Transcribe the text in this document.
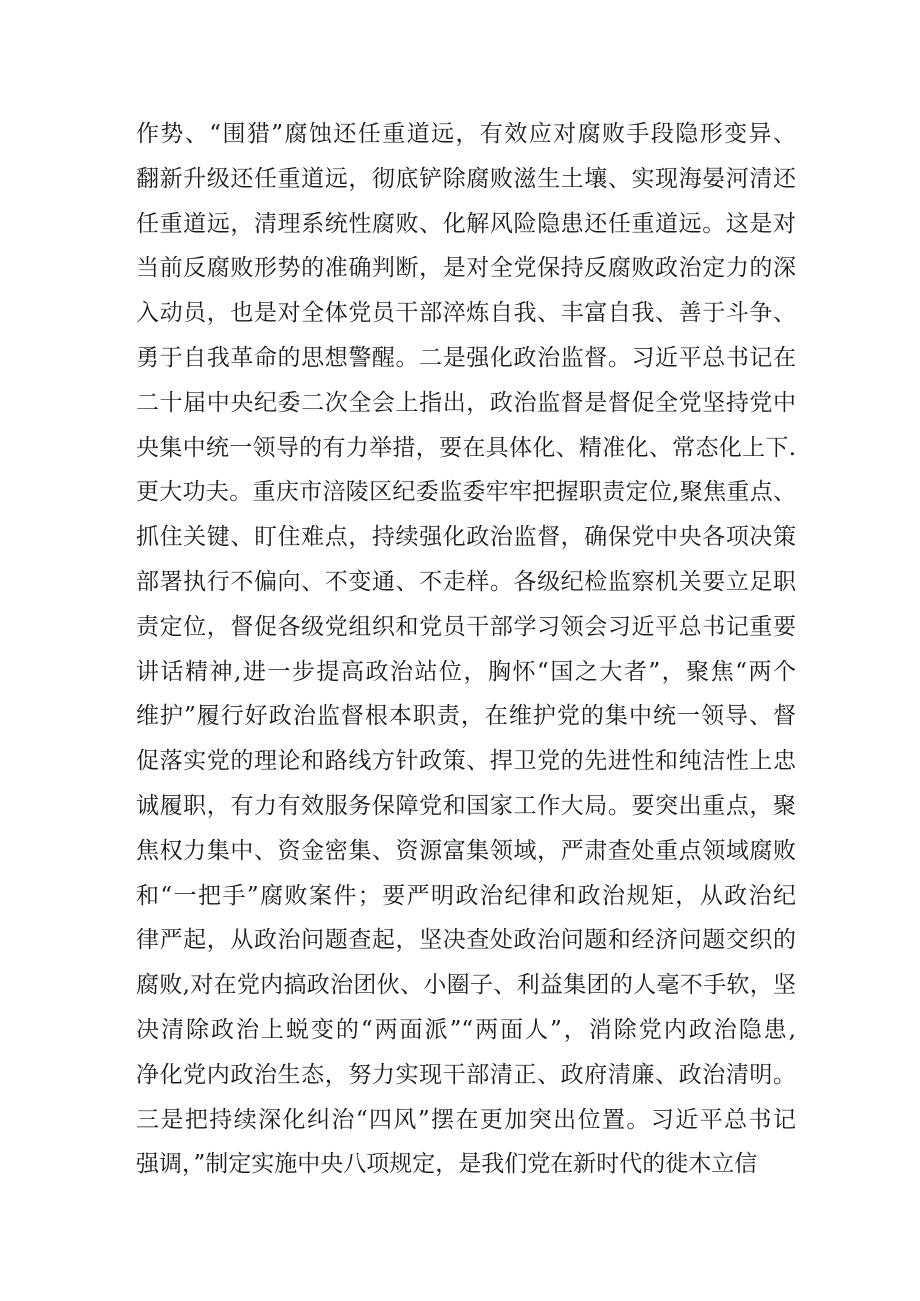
作势、“围猎”腐蚀还任重道远，有效应对腐败手段隐形变异、
翻新升级还任重道远，彻底铲除腐败滋生土壤、实现海晏河清还
任重道远，清理系统性腐败、化解风险隐患还任重道远。这是对
当前反腐败形势的准确判断，是对全党保持反腐败政治定力的深
入动员，也是对全体党员干部淬炼自我、丰富自我、善于斗争、
勇于自我革命的思想警醒。二是强化政治监督。习近平总书记在
二十届中央纪委二次全会上指出，政治监督是督促全党坚持党中
央集中统一领导的有力举措，要在具体化、精准化、常态化上下.
更大功夫。重庆市涪陵区纪委监委牢牢把握职责定位,聚焦重点、
抓住关键、盯住难点，持续强化政治监督，确保党中央各项决策
部署执行不偏向、不变通、不走样。各级纪检监察机关要立足职
责定位，督促各级党组织和党员干部学习领会习近平总书记重要
讲话精神,进一步提高政治站位，胸怀“国之大者”，聚焦“两个
维护”履行好政治监督根本职责，在维护党的集中统一领导、督
促落实党的理论和路线方针政策、捍卫党的先进性和纯洁性上忠
诚履职，有力有效服务保障党和国家工作大局。要突出重点，聚
焦权力集中、资金密集、资源富集领域，严肃查处重点领域腐败
和“一把手”腐败案件；要严明政治纪律和政治规矩，从政治纪
律严起，从政治问题查起，坚决查处政治问题和经济问题交织的
腐败,对在党内搞政治团伙、小圈子、利益集团的人毫不手软，坚
决清除政治上蜕变的“两面派”“两面人”，消除党内政治隐患,
净化党内政治生态，努力实现干部清正、政府清廉、政治清明。
三是把持续深化纠治“四风”摆在更加突出位置。习近平总书记
强调，”制定实施中央八项规定，是我们党在新时代的徙木立信
